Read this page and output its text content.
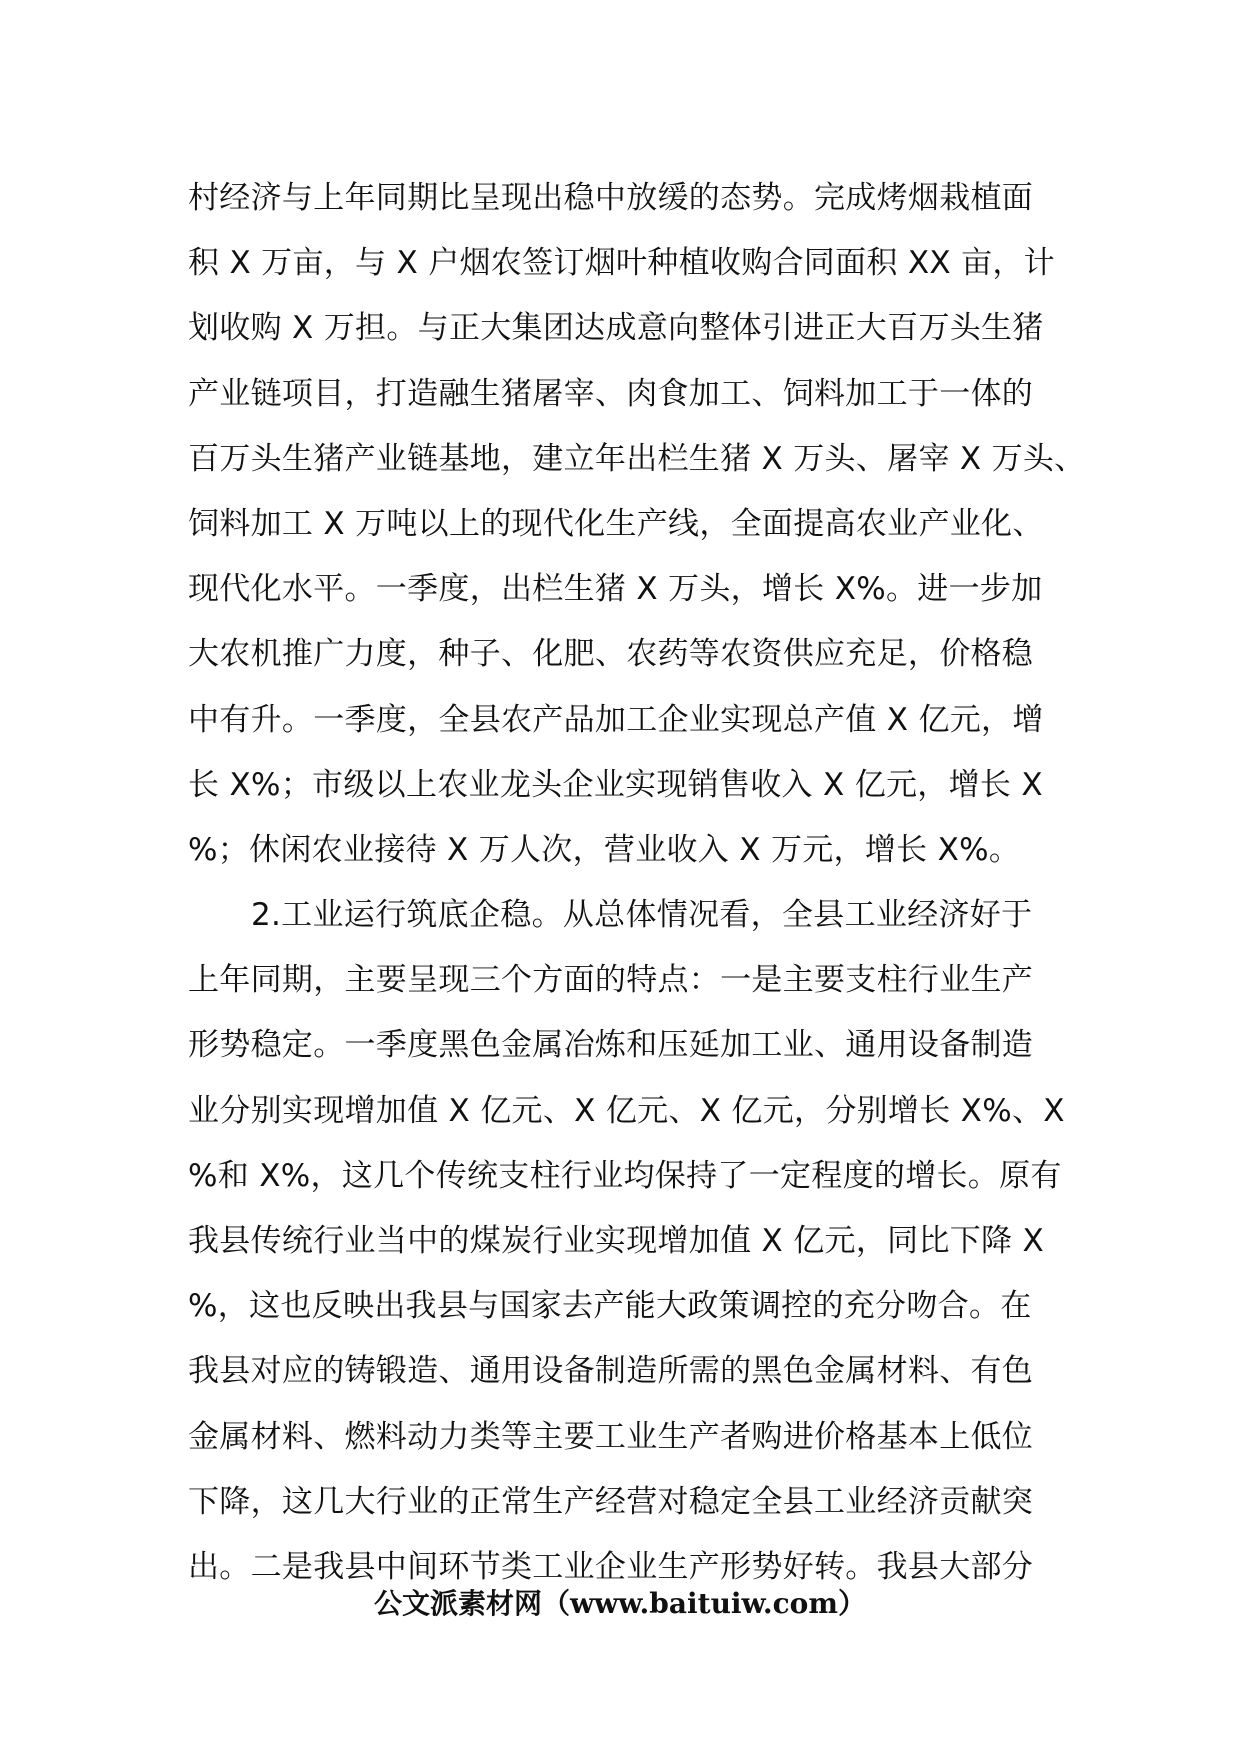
村经济与上年同期比呈现出稳中放缓的态势。完成烤烟栽植面
积 X 万亩，与 X 户烟农签订烟叶种植收购合同面积 XX 亩，计
划收购 X 万担。与正大集团达成意向整体引进正大百万头生猪
产业链项目，打造融生猪屠宰、肉食加工、饲料加工于一体的
百万头生猪产业链基地，建立年出栏生猪 X 万头、屠宰 X 万头、
饲料加工 X 万吨以上的现代化生产线，全面提高农业产业化、
现代化水平。一季度，出栏生猪 X 万头，增长 X%。进一步加
大农机推广力度，种子、化肥、农药等农资供应充足，价格稳
中有升。一季度，全县农产品加工企业实现总产值 X 亿元，增
长 X%；市级以上农业龙头企业实现销售收入 X 亿元，增长 X
%；休闲农业接待 X 万人次，营业收入 X 万元，增长 X%。
2.工业运行筑底企稳。从总体情况看，全县工业经济好于
上年同期，主要呈现三个方面的特点：一是主要支柱行业生产
形势稳定。一季度黑色金属冶炼和压延加工业、通用设备制造
业分别实现增加值 X 亿元、X 亿元、X 亿元，分别增长 X%、X
%和 X%，这几个传统支柱行业均保持了一定程度的增长。原有
我县传统行业当中的煤炭行业实现增加值 X 亿元，同比下降 X
%，这也反映出我县与国家去产能大政策调控的充分吻合。在
我县对应的铸锻造、通用设备制造所需的黑色金属材料、有色
金属材料、燃料动力类等主要工业生产者购进价格基本上低位
下降，这几大行业的正常生产经营对稳定全县工业经济贡献突
出。二是我县中间环节类工业企业生产形势好转。我县大部分
公文派素材网（www.baituiw.com）
